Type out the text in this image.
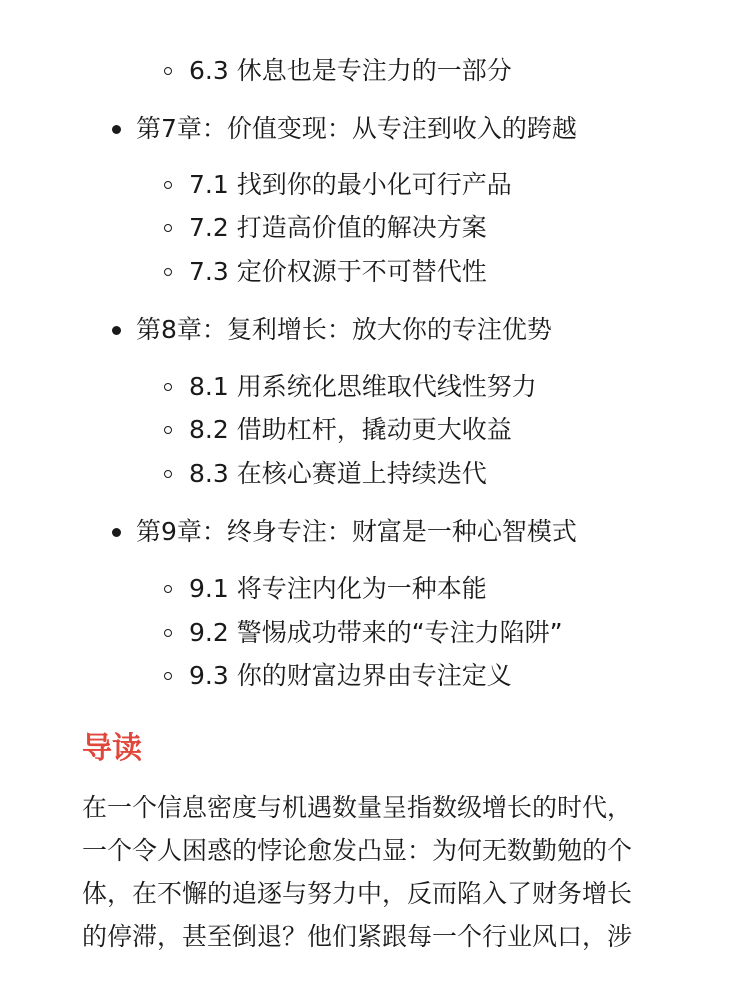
6.3 休息也是专注力的一部分
第7章：价值变现：从专注到收入的跨越
7.1 找到你的最小化可行产品
7.2 打造高价值的解决方案
7.3 定价权源于不可替代性
第8章：复利增长：放大你的专注优势
8.1 用系统化思维取代线性努力
8.2 借助杠杆，撬动更大收益
8.3 在核心赛道上持续迭代
第9章：终身专注：财富是一种心智模式
9.1 将专注内化为一种本能
9.2 警惕成功带来的“专注力陷阱”
9.3 你的财富边界由专注定义
导读

在一个信息密度与机遇数量呈指数级增长的时代，

一个令人困惑的悖论愈发凸显：为何无数勤勉的个

体，在不懈的追逐与努力中，反而陷入了财务增长

的停滞，甚至倒退？他们紧跟每一个行业风口，涉
